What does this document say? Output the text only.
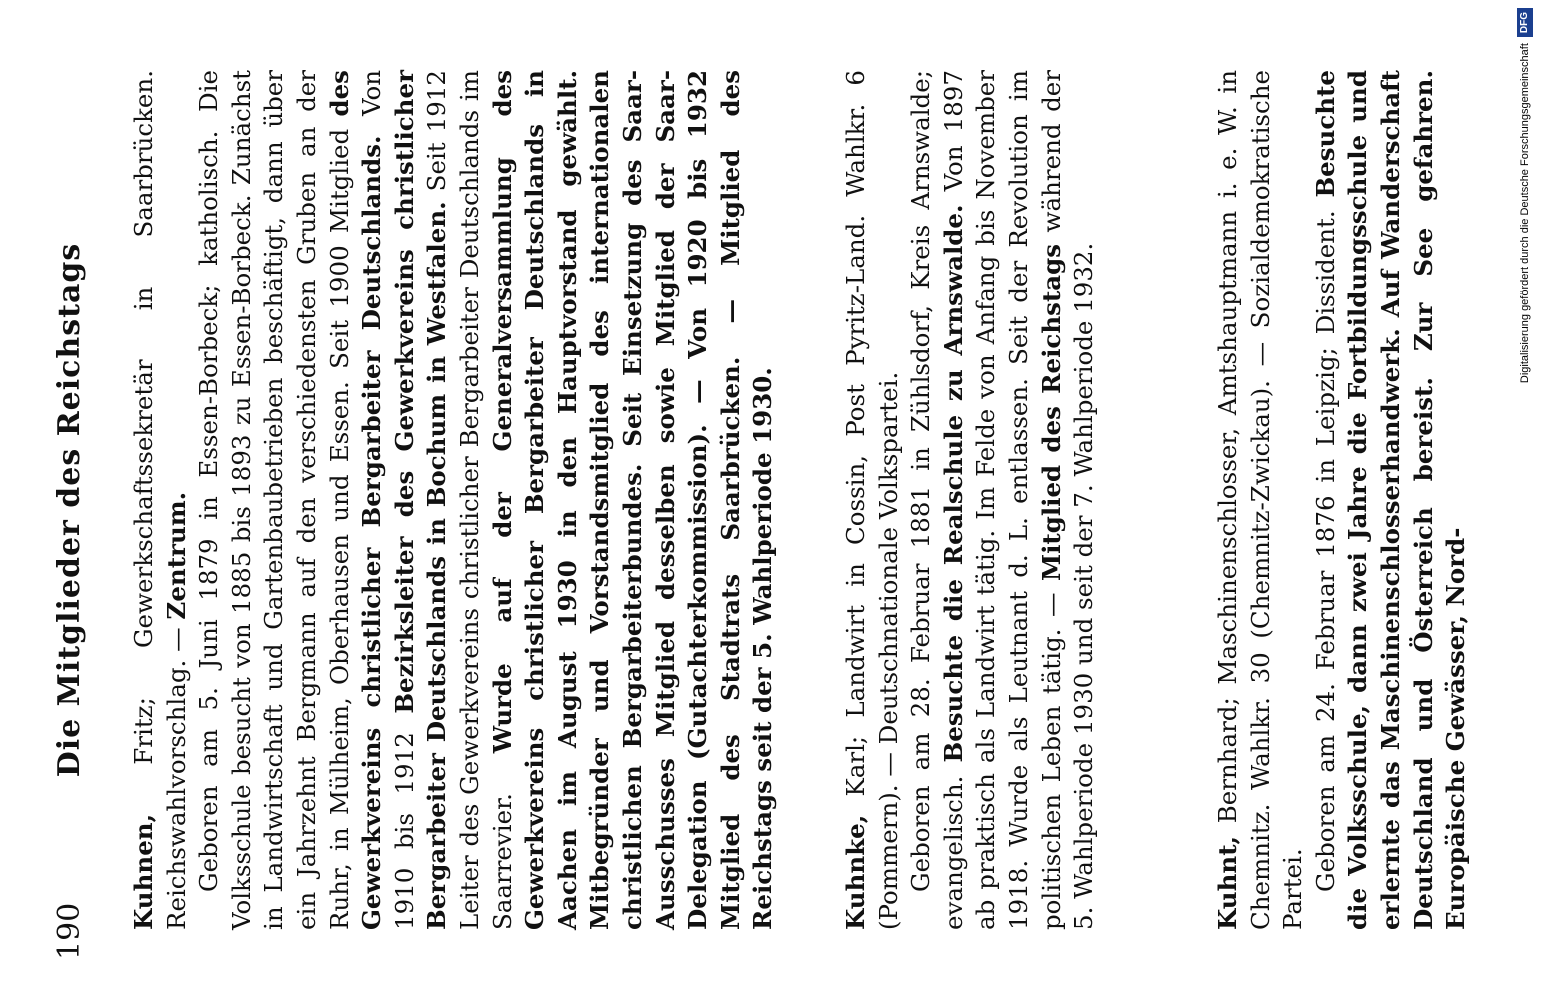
190
Die Mitglieder des Reichstags

Kuhnen, Fritz; Gewerkschaftssekretär in Saarbrücken. Reichswahlvorschlag. — Zentrum. Geboren am 5. Juni 1879 in Essen-Borbeck; katholisch. Die Volksschule besucht von 1885 bis 1893 zu Essen-Borbeck. Zunächst in Landwirtschaft und Gartenbaubetrieben beschäftigt, dann über ein Jahrzehnt Bergmann auf den verschiedensten Gruben an der Ruhr, in Mülheim, Oberhausen und Essen. Seit 1900 Mitglied des Gewerkvereins christlicher Bergarbeiter Deutschlands. Von 1910 bis 1912 Bezirksleiter des Gewerkvereins christlicher Bergarbeiter Deutschlands in Bochum in Westfalen. Seit 1912 Leiter des Gewerkvereins christlicher Bergarbeiter Deutschlands im Saarrevier. Wurde auf der Generalversammlung des Gewerkvereins christlicher Bergarbeiter Deutschlands in Aachen im August 1930 in den Hauptvorstand gewählt. Mitbegründer und Vorstandsmitglied des internationalen christlichen Bergarbeiterbundes. Seit Einsetzung des Saar-Ausschusses Mitglied desselben sowie Mitglied der Saar-Delegation (Gutachterkommission). — Von 1920 bis 1932 Mitglied des Stadtrats Saarbrücken. — Mitglied des Reichstags seit der 5. Wahlperiode 1930.	Kuhnke, Karl; Landwirt in Cossin, Post Pyritz-Land. Wahlkr. 6 (Pommern). — Deutschnationale Volkspartei. Geboren am 28. Februar 1881 in Zühlsdorf, Kreis Arnswalde; evangelisch. Besuchte die Realschule zu Arnswalde. Von 1897 ab praktisch als Landwirt tätig. Im Felde von Anfang bis November 1918. Wurde als Leutnant d. L. entlassen. Seit der Revolution im politischen Leben tätig. — Mitglied des Reichstags während der 5. Wahlperiode 1930 und seit der 7. Wahlperiode 1932.	Kuhnt, Bernhard; Maschinenschlosser, Amtshauptmann i. e. W. in Chemnitz. Wahlkr. 30 (Chemnitz-Zwickau). — Sozialdemokratische Partei. Geboren am 24. Februar 1876 in Leipzig; Dissident. Besuchte die Volksschule, dann zwei Jahre die Fortbildungsschule und erlernte das Maschinenschlosserhandwerk. Auf Wanderschaft Deutschland und Österreich bereist. Zur See gefahren. Europäische Gewässer, Nord-

Digitalisierung gefördert durch die Deutsche Forschungsgemeinschaft
DFG
